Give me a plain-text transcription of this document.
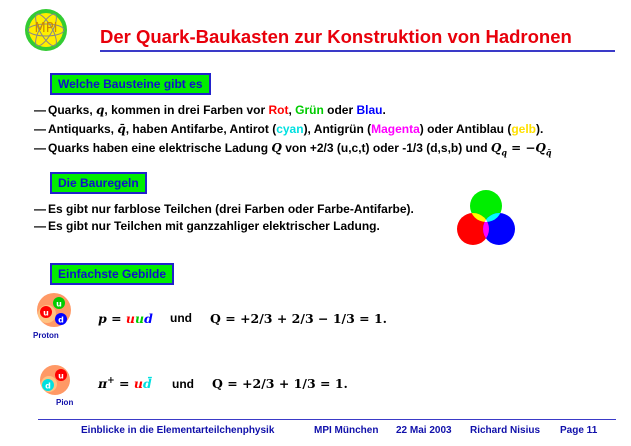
MPI Der Quark-Baukasten zur Konstruktion von Hadronen
Welche Bausteine gibt es
— Quarks, q, kommen in drei Farben vor Rot, Grün oder Blau.
— Antiquarks, q̄, haben Antifarbe, Antirot (cyan), Antigrün (Magenta) oder Antiblau (gelb).
— Quarks haben eine elektrische Ladung Q von +2/3 (u,c,t) oder -1/3 (d,s,b) und $Q_q = -Q_{q̄}$
Die Bauregeln
— Es gibt nur farblose Teilchen (drei Farben oder Farbe-Antifarbe).
— Es gibt nur Teilchen mit ganzzahliger elektrischer Ladung.
Einfachste Gebilde
u
u
d
Proton
p = uud und Q = +2/3 + 2/3 − 1/3 = 1.
u
d
Pion
π+ = ud̄ und Q = +2/3 + 1/3 = 1.
Einblicke in die Elementarteilchenphysik	MPI München 22 Mai 2003 Richard Nisius Page 11
